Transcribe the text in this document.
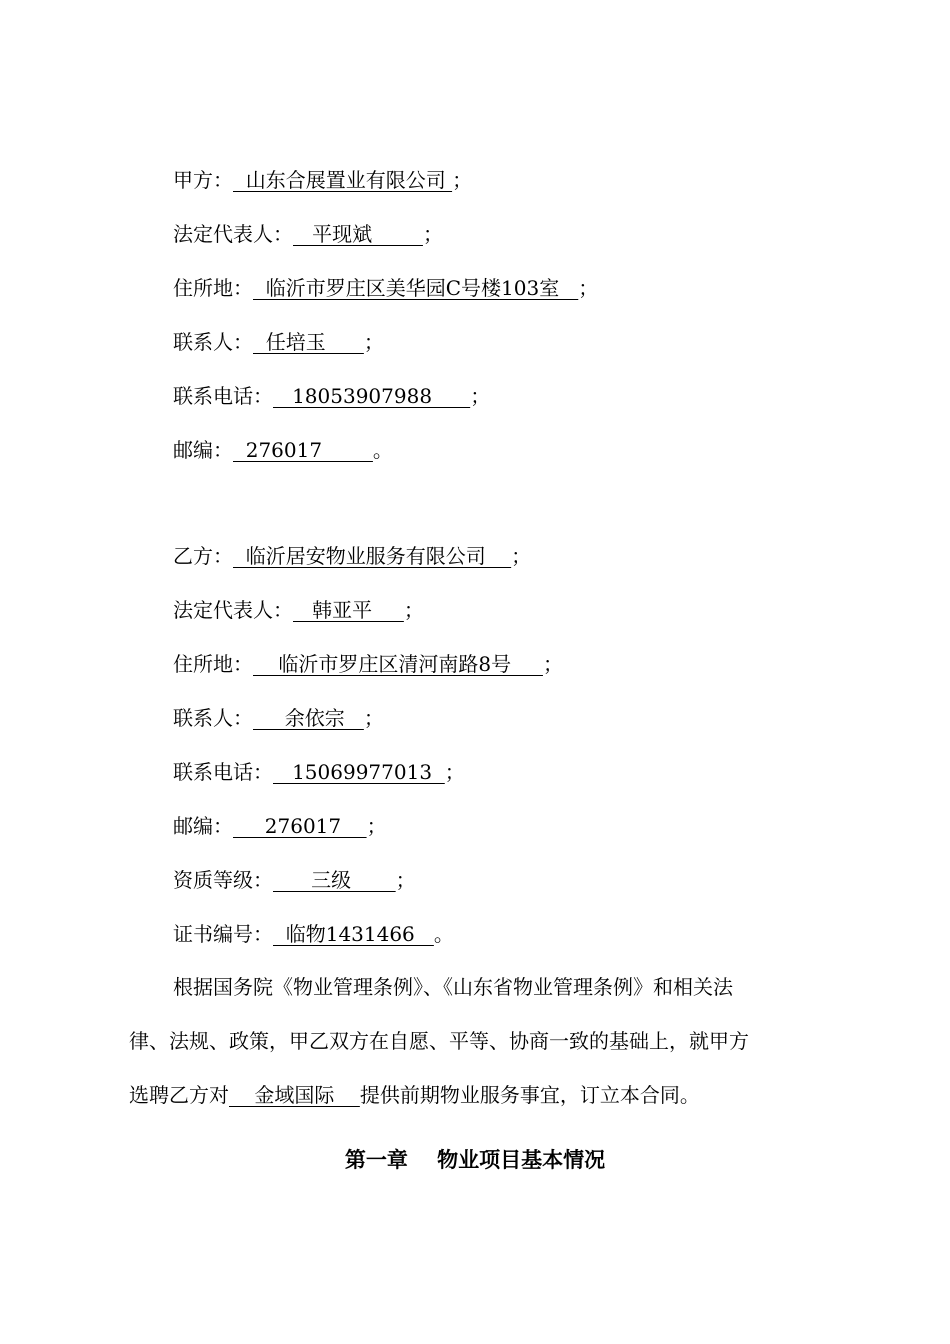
甲方：  山东合展置业有限公司 ；
法定代表人：   平现斌        ；
住所地：  临沂市罗庄区美华园C号楼103室   ；
联系人：  任培玉      ；
联系电话：   18053907988      ；
邮编：  276017        。
乙方：  临沂居安物业服务有限公司    ；
法定代表人：   韩亚平     ；
住所地：    临沂市罗庄区清河南路8号     ；
联系人：     余依宗   ；
联系电话：   15069977013  ；
邮编：     276017    ；
资质等级：      三级       ；
证书编号：  临物1431466   。
根据国务院《物业管理条例》、《山东省物业管理条例》和相关法
律、法规、政策，甲乙双方在自愿、平等、协商一致的基础上，就甲方
选聘乙方对    金域国际    提供前期物业服务事宜，订立本合同。
第一章    物业项目基本情况
